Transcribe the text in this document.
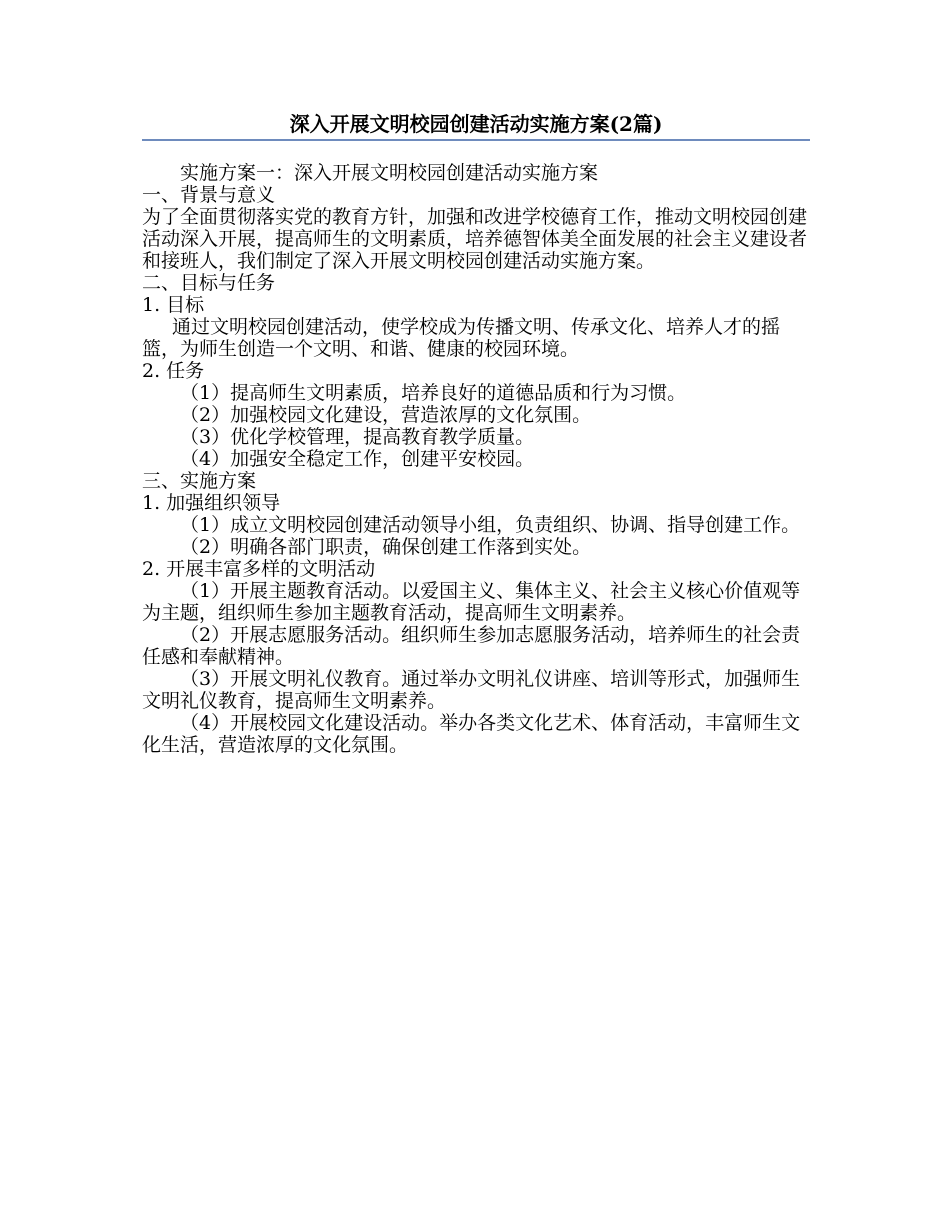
深入开展文明校园创建活动实施方案(2篇)

实施方案一：深入开展文明校园创建活动实施方案

一、背景与意义

为了全面贯彻落实党的教育方针，加强和改进学校德育工作，推动文明校园创建活动深入开展，提高师生的文明素质，培养德智体美全面发展的社会主义建设者和接班人，我们制定了深入开展文明校园创建活动实施方案。

二、目标与任务

1. 目标

通过文明校园创建活动，使学校成为传播文明、传承文化、培养人才的摇篮，为师生创造一个文明、和谐、健康的校园环境。

2. 任务

（1）提高师生文明素质，培养良好的道德品质和行为习惯。

（2）加强校园文化建设，营造浓厚的文化氛围。

（3）优化学校管理，提高教育教学质量。

（4）加强安全稳定工作，创建平安校园。

三、实施方案

1. 加强组织领导

（1）成立文明校园创建活动领导小组，负责组织、协调、指导创建工作。

（2）明确各部门职责，确保创建工作落到实处。

2. 开展丰富多样的文明活动

（1）开展主题教育活动。以爱国主义、集体主义、社会主义核心价值观等为主题，组织师生参加主题教育活动，提高师生文明素养。

（2）开展志愿服务活动。组织师生参加志愿服务活动，培养师生的社会责任感和奉献精神。

（3）开展文明礼仪教育。通过举办文明礼仪讲座、培训等形式，加强师生文明礼仪教育，提高师生文明素养。

（4）开展校园文化建设活动。举办各类文化艺术、体育活动，丰富师生文化生活，营造浓厚的文化氛围。
